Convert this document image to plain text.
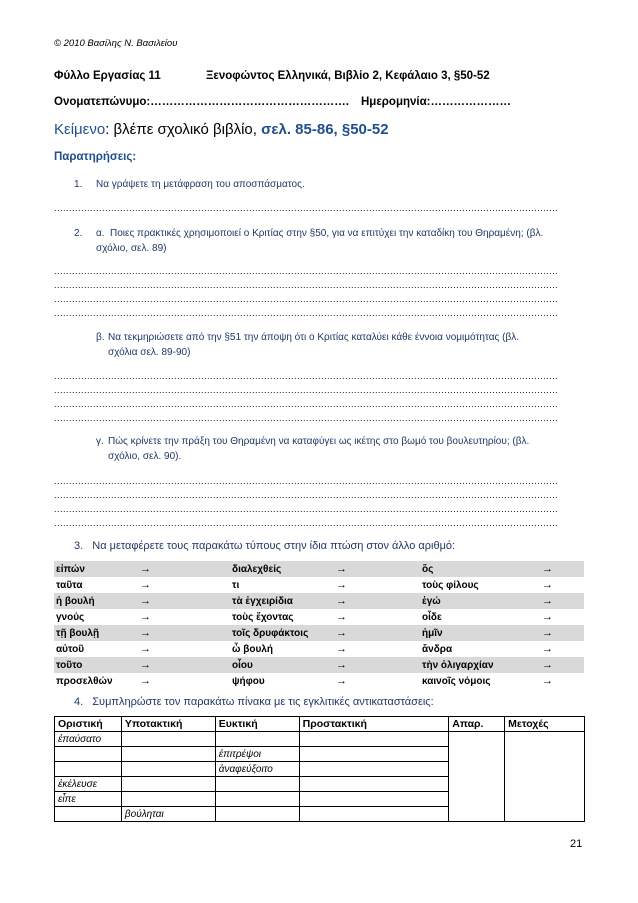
© 2010 Βασίλης Ν. Βασιλείου
Φύλλο Εργασίας 11	Ξενοφώντος Ελληνικά, Βιβλίο 2, Κεφάλαιο 3, §50-52
Ονοματεπώνυμο:……………………………………………. Ημερομηνία:…………………
Κείμενο: βλέπε σχολικό βιβλίο, σελ. 85-86, §50-52
Παρατηρήσεις:
1. Να γράψετε τη μετάφραση του αποσπάσματος.
........................................................................................................................................................................
2. α. Ποιες πρακτικές χρησιμοποιεί ο Κριτίας στην §50, για να επιτύχει την καταδίκη του Θηραμένη; (βλ.
σχόλιο, σελ. 89)
........................................................................................................................................................................
........................................................................................................................................................................
........................................................................................................................................................................
........................................................................................................................................................................
β. Να τεκμηριώσετε από την §51 την άποψη ότι ο Κριτίας καταλύει κάθε έννοια νομιμότητας (βλ.
σχόλια σελ. 89-90)
........................................................................................................................................................................
........................................................................................................................................................................
........................................................................................................................................................................
........................................................................................................................................................................
γ. Πώς κρίνετε την πράξη του Θηραμένη να καταφύγει ως ικέτης στο βωμό του βουλευτηρίου; (βλ.
σχόλιο, σελ. 90).
........................................................................................................................................................................
........................................................................................................................................................................
........................................................................................................................................................................
........................................................................................................................................................................
3. Να μεταφέρετε τους παρακάτω τύπους στην ίδια πτώση στον άλλο αριθμό:
εἰπών	→	διαλεχθείς	→	ὅς	→
ταῦτα	→	τι	→	τοὺς φίλους	→
ἡ βουλή	→	τὰ ἐγχειρίδια	→	ἐγώ	→
γνούς	→	τοὺς ἔχοντας	→	οἶδε	→
τῇ βουλῇ	→	τοῖς δρυφάκτοις	→	ἡμῖν	→
αὐτοῦ	→	ὦ βουλή	→	ἄνδρα	→
τοῦτο	→	οἶου	→	τὴν ὀλιγαρχίαν	→
προσελθών	→	ψήφου	→	καινοῖς νόμοις	→
4. Συμπληρώστε τον παρακάτω πίνακα με τις εγκλιτικές αντικαταστάσεις:
Οριστική	Υποτακτική	Ευκτική	Προστακτική	Απαρ.	Μετοχές
ἐπαύσατο					
		ἐπιτρέψοι			
		ἀναφεύξοιτο			
ἐκέλευσε					
εἶπε					
	βούληται				
21
